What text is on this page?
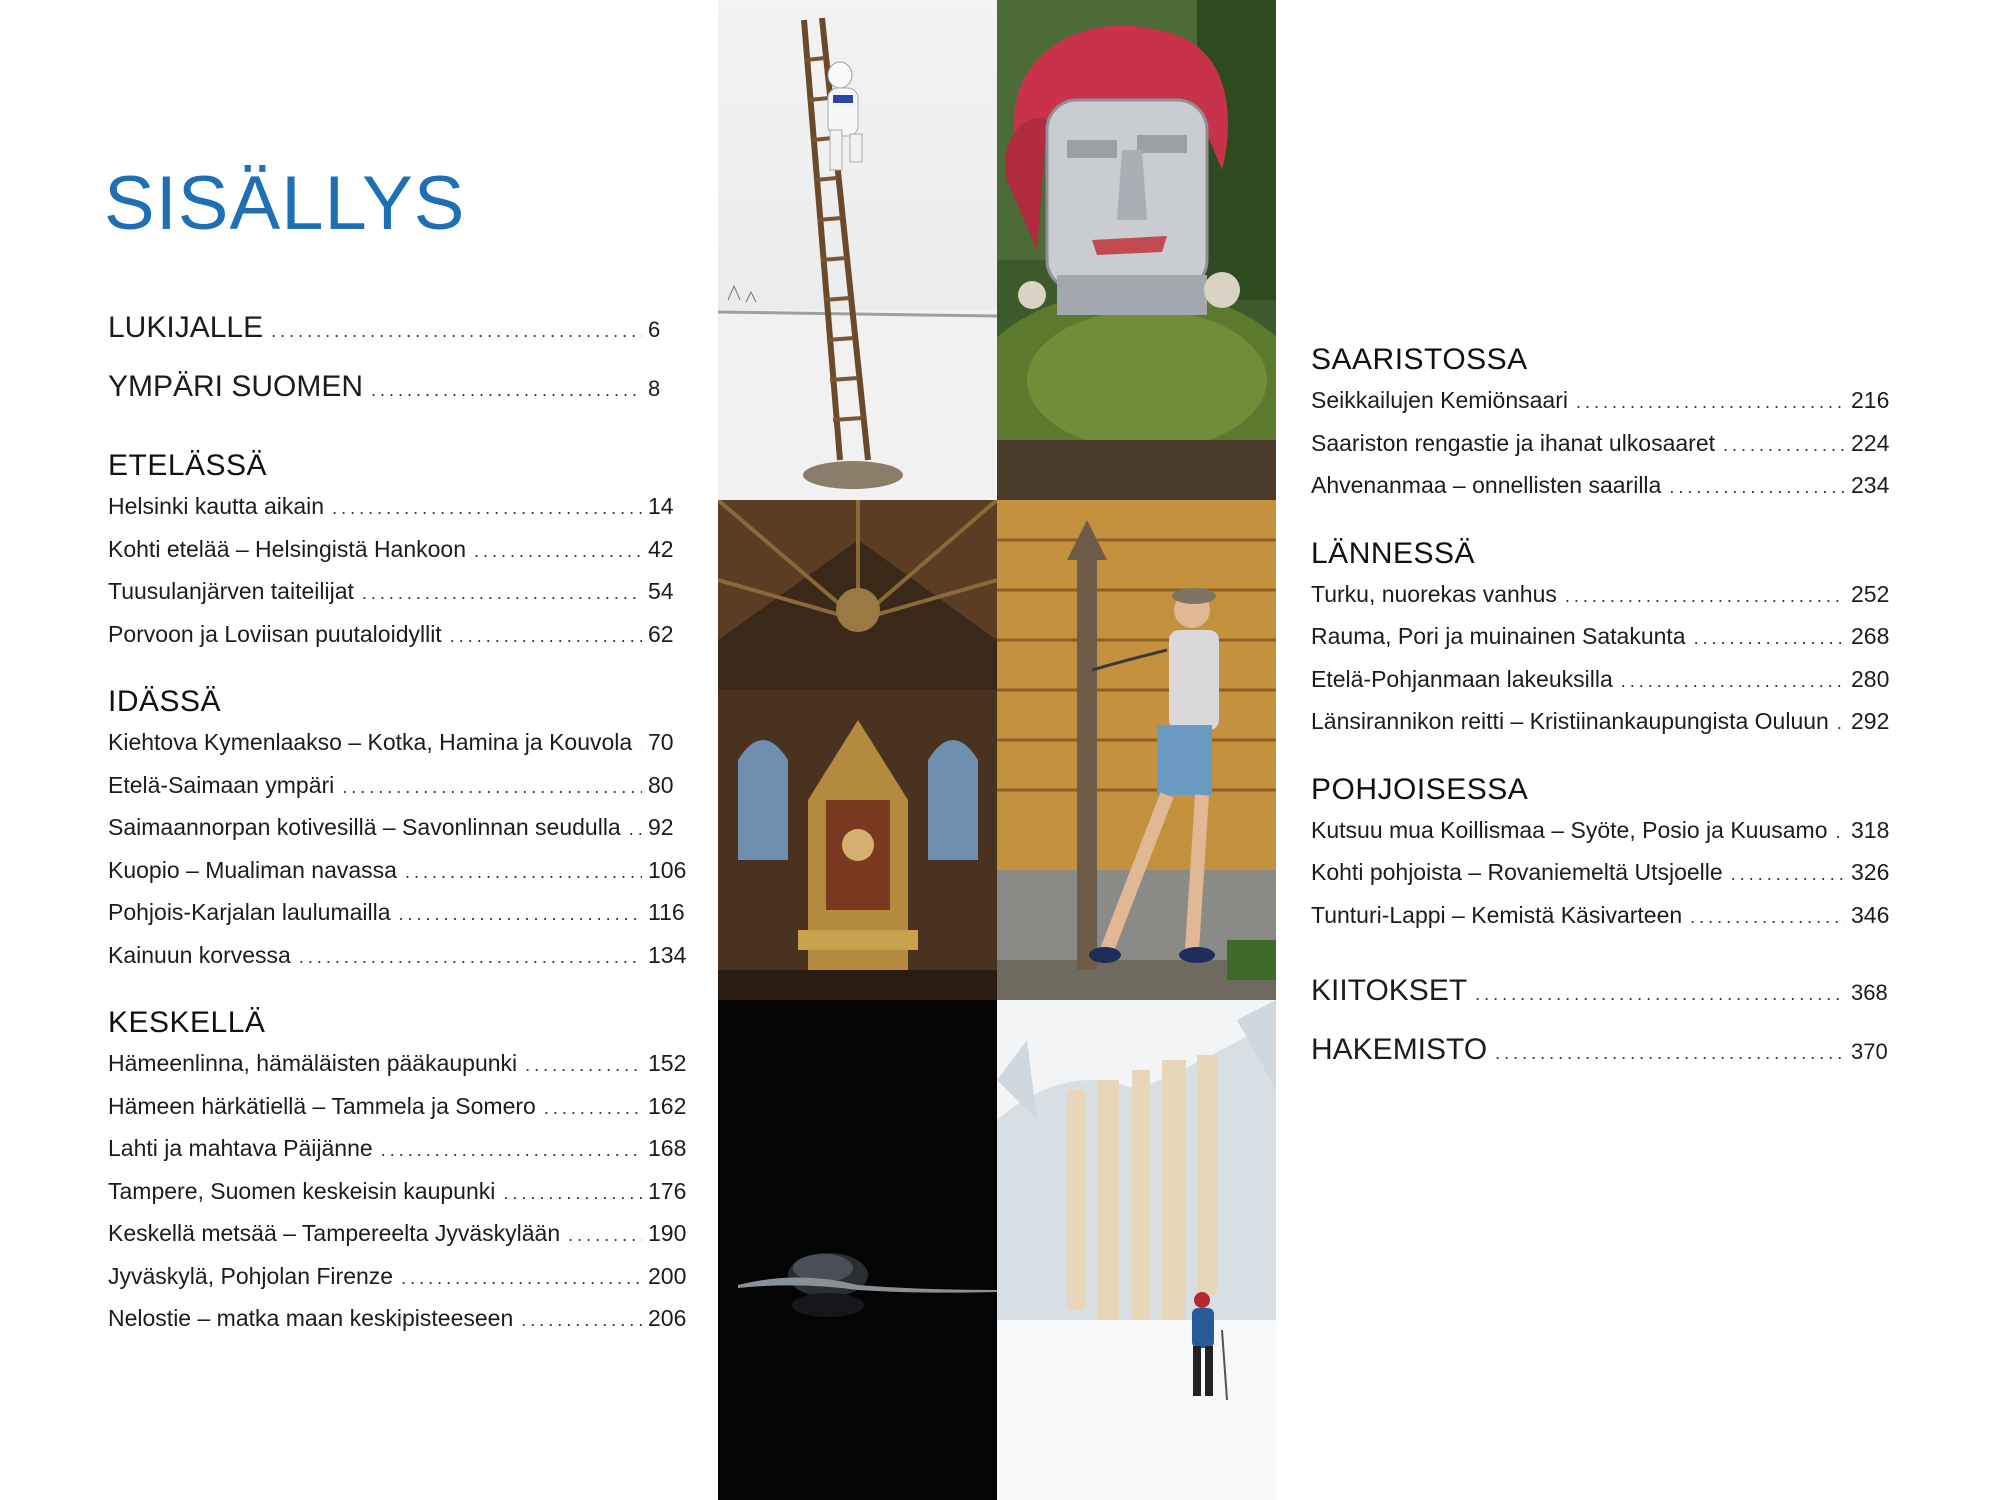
SISÄLLYS
LUKIJALLE .....	6
YMPÄRI SUOMEN .....	8
ETELÄSSÄ
Helsinki kautta aikain .....	14
Kohti etelää – Helsingistä Hankoon .....	42
Tuusulanjärven taiteilijat .....	54
Porvoon ja Loviisan puutaloidyllit .....	62
IDÄSSÄ
Kiehtova Kymenlaakso – Kotka, Hamina ja Kouvola ..... 70
Etelä-Saimaan ympäri .....	80
Saimaannorpan kotivesillä – Savonlinnan seudulla ..... 92
Kuopio – Mualiman navassa .....	106
Pohjois-Karjalan laulumailla .....	116
Kainuun korvessa .....	134
KESKELLÄ
Hämeenlinna, hämäläisten pääkaupunki .....	152
Hämeen härkätiellä – Tammela ja Somero .....	162
Lahti ja mahtava Päijänne .....	168
Tampere, Suomen keskeisin kaupunki .....	176
Keskellä metsää – Tampereelta Jyväskylään .....	190
Jyväskylä, Pohjolan Firenze .....	200
Nelostie – matka maan keskipisteeseen .....	206
SAARISTOSSA
Seikkailujen Kemiönsaari .....	216
Saariston rengastie ja ihanat ulkosaaret .....	224
Ahvenanmaa – onnellisten saarilla .....	234
LÄNNESSÄ
Turku, nuorekas vanhus .....	252
Rauma, Pori ja muinainen Satakunta .....	268
Etelä-Pohjanmaan lakeuksilla .....	280
Länsirannikon reitti – Kristiinankaupungista Ouluun ..... 292
POHJOISESSA
Kutsuu mua Koillismaa – Syöte, Posio ja Kuusamo ..... 318
Kohti pohjoista – Rovaniemeltä Utsjoelle .....	326
Tunturi-Lappi – Kemistä Käsivarteen .....	346
KIITOKSET .....	368
HAKEMISTO .....	370
